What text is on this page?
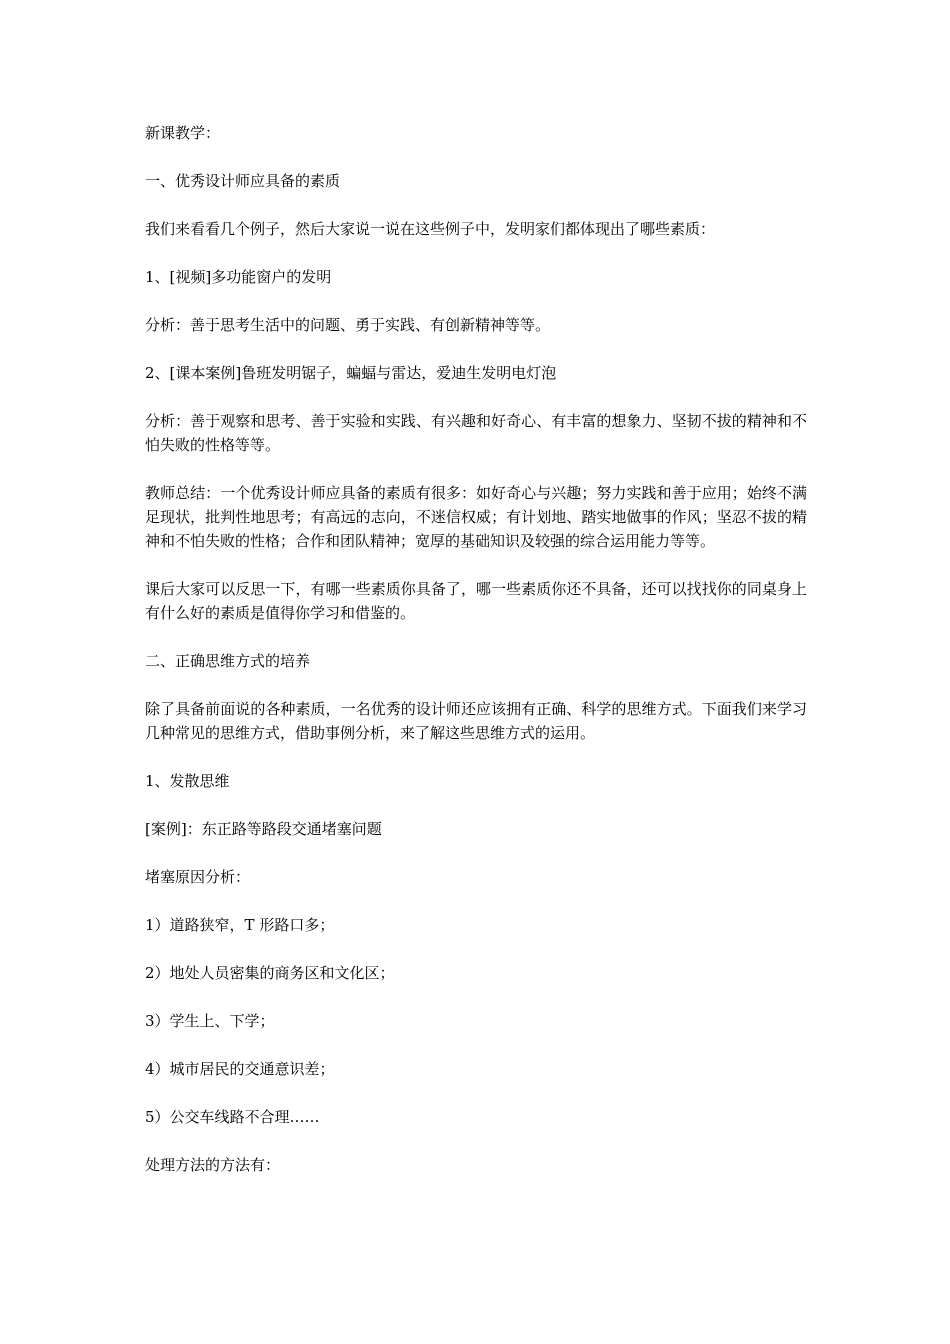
新课教学：

一、优秀设计师应具备的素质

我们来看看几个例子，然后大家说一说在这些例子中，发明家们都体现出了哪些素质：

1、[视频]多功能窗户的发明

分析：善于思考生活中的问题、勇于实践、有创新精神等等。

2、[课本案例]鲁班发明锯子，蝙蝠与雷达，爱迪生发明电灯泡

分析：善于观察和思考、善于实验和实践、有兴趣和好奇心、有丰富的想象力、坚韧不拔的精神和不怕失败的性格等等。

教师总结：一个优秀设计师应具备的素质有很多：如好奇心与兴趣；努力实践和善于应用；始终不满足现状，批判性地思考；有高远的志向，不迷信权威；有计划地、踏实地做事的作风；坚忍不拔的精神和不怕失败的性格；合作和团队精神；宽厚的基础知识及较强的综合运用能力等等。

课后大家可以反思一下，有哪一些素质你具备了，哪一些素质你还不具备，还可以找找你的同桌身上有什么好的素质是值得你学习和借鉴的。

二、正确思维方式的培养

除了具备前面说的各种素质，一名优秀的设计师还应该拥有正确、科学的思维方式。下面我们来学习几种常见的思维方式，借助事例分析，来了解这些思维方式的运用。

1、发散思维

[案例]：东正路等路段交通堵塞问题

堵塞原因分析：

1）道路狭窄，T 形路口多；

2）地处人员密集的商务区和文化区；

3）学生上、下学；

4）城市居民的交通意识差；

5）公交车线路不合理……

处理方法的方法有：
